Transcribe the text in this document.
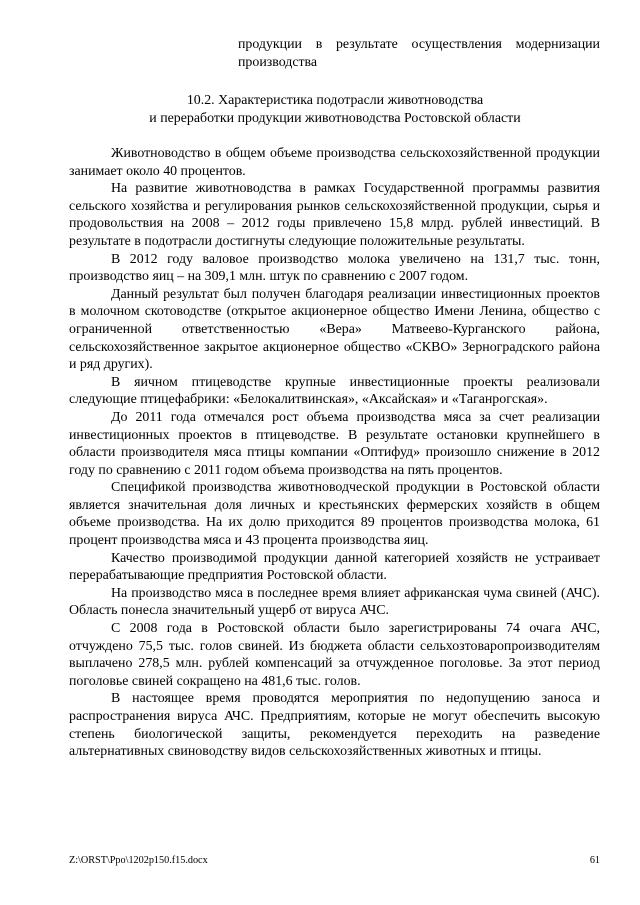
продукции в результате осуществления модернизации производства
10.2. Характеристика подотрасли животноводства
и переработки продукции животноводства Ростовской области

Животноводство в общем объеме производства сельскохозяйственной продукции занимает около 40 процентов.

На развитие животноводства в рамках Государственной программы развития сельского хозяйства и регулирования рынков сельскохозяйственной продукции, сырья и продовольствия на 2008 – 2012 годы привлечено 15,8 млрд. рублей инвестиций. В результате в подотрасли достигнуты следующие положительные результаты.

В 2012 году валовое производство молока увеличено на 131,7 тыс. тонн, производство яиц – на 309,1 млн. штук по сравнению с 2007 годом.

Данный результат был получен благодаря реализации инвестиционных проектов в молочном скотоводстве (открытое акционерное общество Имени Ленина, общество с ограниченной ответственностью «Вера» Матвеево-Курганского района, сельскохозяйственное закрытое акционерное общество «СКВО» Зерноградского района и ряд других).

В яичном птицеводстве крупные инвестиционные проекты реализовали следующие птицефабрики: «Белокалитвинская», «Аксайская» и «Таганрогская».

До 2011 года отмечался рост объема производства мяса за счет реализации инвестиционных проектов в птицеводстве. В результате остановки крупнейшего в области производителя мяса птицы компании «Оптифуд» произошло снижение в 2012 году по сравнению с 2011 годом объема производства на пять процентов.

Спецификой производства животноводческой продукции в Ростовской области является значительная доля личных и крестьянских фермерских хозяйств в общем объеме производства. На их долю приходится 89 процентов производства молока, 61 процент производства мяса и 43 процента производства яиц.

Качество производимой продукции данной категорией хозяйств не устраивает перерабатывающие предприятия Ростовской области.

На производство мяса в последнее время влияет африканская чума свиней (АЧС). Область понесла значительный ущерб от вируса АЧС.

С 2008 года в Ростовской области было зарегистрированы 74 очага АЧС, отчуждено 75,5 тыс. голов свиней. Из бюджета области сельхозтоваропроизводителям выплачено 278,5 млн. рублей компенсаций за отчужденное поголовье. За этот период поголовье свиней сокращено на 481,6 тыс. голов.

В настоящее время проводятся мероприятия по недопущению заноса и распространения вируса АЧС. Предприятиям, которые не могут обеспечить высокую степень биологической защиты, рекомендуется переходить на разведение альтернативных свиноводству видов сельскохозяйственных животных и птицы.

Z:\ORST\Ppo\1202p150.f15.docx	61
